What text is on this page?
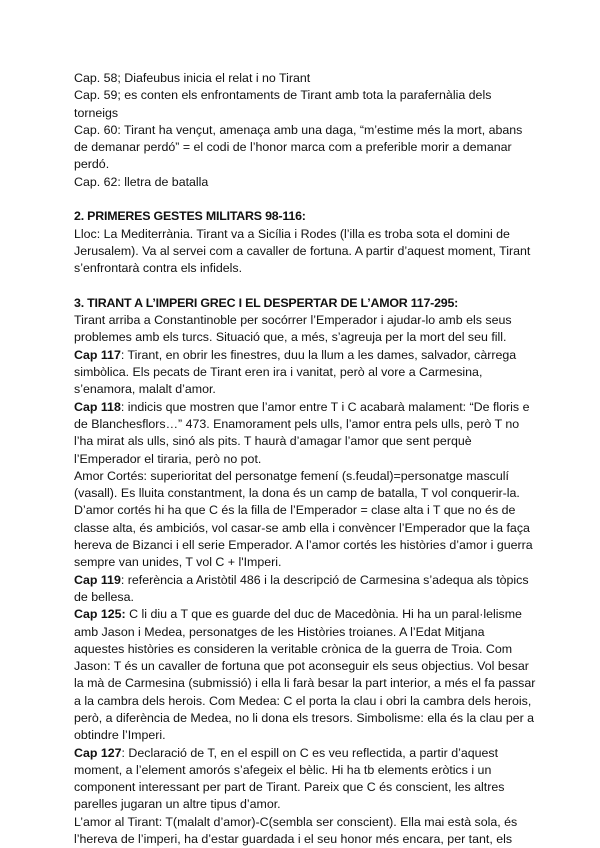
Cap. 58; Diafeubus inicia el relat i no Tirant

Cap. 59; es conten els enfrontaments de Tirant amb tota la parafernàlia dels torneigs

Cap. 60: Tirant ha vençut, amenaça amb una daga, “m’estime més la mort, abans de demanar perdó” = el codi de l’honor marca com a preferible morir a demanar perdó.

Cap. 62: lletra de batalla

2. PRIMERES GESTES MILITARS 98-116:

Lloc: La Mediterrània. Tirant va a Sicília i Rodes (l’illa es troba sota el domini de Jerusalem). Va al servei com a cavaller de fortuna. A partir d’aquest moment, Tirant s’enfrontarà contra els infidels.

3. TIRANT A L’IMPERI GREC I EL DESPERTAR DE L’AMOR 117-295:

Tirant arriba a Constantinoble per socórrer l’Emperador i ajudar-lo amb els seus problemes amb els turcs. Situació que, a més, s’agreuja per la mort del seu fill.

Cap 117: Tirant, en obrir les finestres, duu la llum a les dames, salvador, càrrega simbòlica. Els pecats de Tirant eren ira i vanitat, però al vore a Carmesina, s’enamora, malalt d’amor.

Cap 118: indicis que mostren que l’amor entre T i C acabarà malament: “De floris e de Blanchesflors…” 473. Enamorament pels ulls, l’amor entra pels ulls, però T no l’ha mirat als ulls, sinó als pits. T haurà d’amagar l’amor que sent perquè l’Emperador el tiraria, però no pot.

Amor Cortés: superioritat del personatge femení (s.feudal)=personatge masculí (vasall). Es lluita constantment, la dona és un camp de batalla, T vol conquerir-la. D’amor cortés hi ha que C és la filla de l’Emperador = clase alta i T que no és de classe alta, és ambiciós, vol casar-se amb ella i convèncer l’Emperador que la faça hereva de Bizanci i ell serie Emperador. A l’amor cortés les històries d’amor i guerra sempre van unides, T vol C + l'Imperi.

Cap 119: referència a Aristòtil 486 i la descripció de Carmesina s’adequa als tòpics de bellesa.

Cap 125: C li diu a T que es guarde del duc de Macedònia. Hi ha un paral·lelisme amb Jason i Medea, personatges de les Històries troianes. A l’Edat Mitjana aquestes històries es consideren la veritable crònica de la guerra de Troia. Com Jason: T és un cavaller de fortuna que pot aconseguir els seus objectius. Vol besar la mà de Carmesina (submissió) i ella li farà besar la part interior, a més el fa passar a la cambra dels herois. Com Medea: C el porta la clau i obri la cambra dels herois, però, a diferència de Medea, no li dona els tresors. Simbolisme: ella és la clau per a obtindre l’Imperi.

Cap 127: Declaració de T, en el espill on C es veu reflectida, a partir d’aquest moment, a l’element amorós s’afegeix el bèlic. Hi ha tb elements eròtics i un component interessant per part de Tirant. Pareix que C és conscient, les altres parelles jugaran un altre tipus d’amor.

L’amor al Tirant: T(malalt d’amor)-C(sembla ser conscient). Ella mai està sola, és l’hereva de l’imperi, ha d’estar guardada i el seu honor més encara, per tant, els
